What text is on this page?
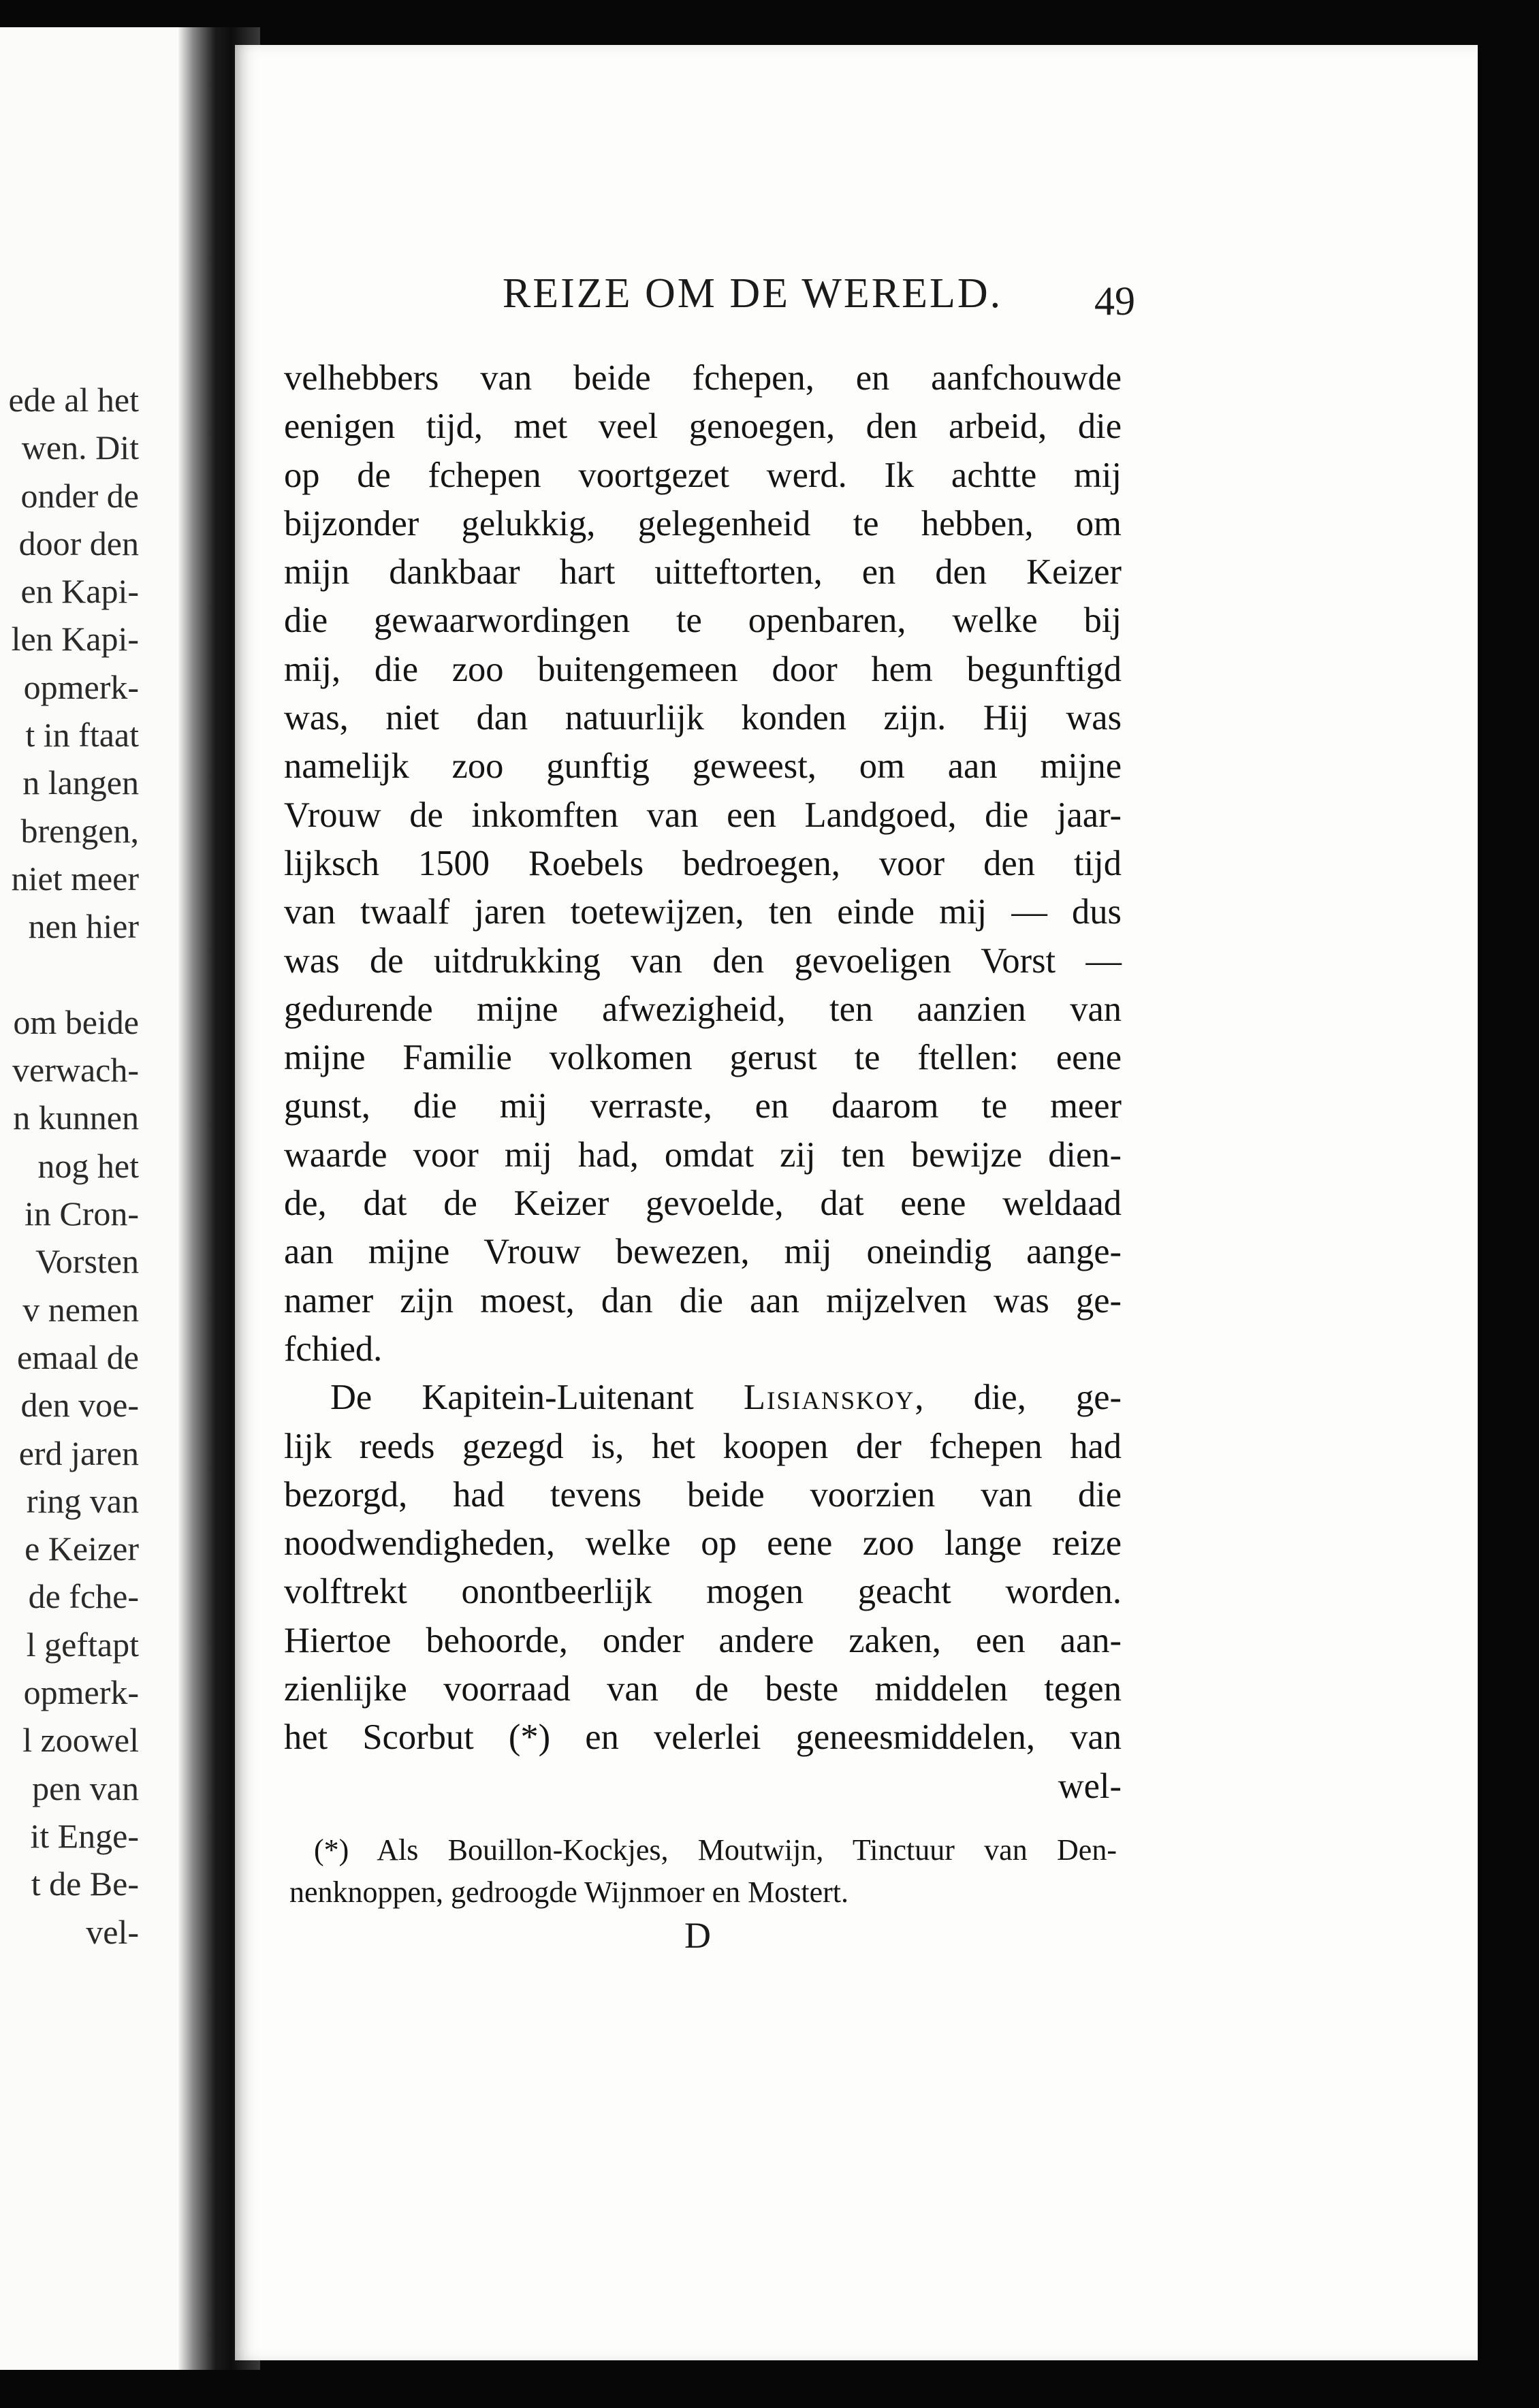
ede al het
wen. Dit
onder de
door den
en Kapi-
len Kapi-
opmerk-
t in ftaat
n langen
brengen,
niet meer
nen hier
om beide
verwach-
n kunnen
nog het
in Cron-
Vorsten
v nemen
emaal de
den voe-
erd jaren
ring van
e Keizer
de fche-
l geftapt
opmerk-
l zoowel
pen van
it Enge-
t de Be-
vel-
REIZE OM DE WERELD.	49
velhebbers van beide fchepen, en aanfchouwde
eenigen tijd, met veel genoegen, den arbeid, die
op de fchepen voortgezet werd. Ik achtte mij
bijzonder gelukkig, gelegenheid te hebben, om
mijn dankbaar hart uitteftorten, en den Keizer
die gewaarwordingen te openbaren, welke bij
mij, die zoo buitengemeen door hem begunftigd
was, niet dan natuurlijk konden zijn. Hij was
namelijk zoo gunftig geweest, om aan mijne
Vrouw de inkomften van een Landgoed, die jaar-
lijksch 1500 Roebels bedroegen, voor den tijd
van twaalf jaren toetewijzen, ten einde mij — dus
was de uitdrukking van den gevoeligen Vorst —
gedurende mijne afwezigheid, ten aanzien van
mijne Familie volkomen gerust te ftellen: eene
gunst, die mij verraste, en daarom te meer
waarde voor mij had, omdat zij ten bewijze dien-
de, dat de Keizer gevoelde, dat eene weldaad
aan mijne Vrouw bewezen, mij oneindig aange-
namer zijn moest, dan die aan mijzelven was ge-
fchied.
De Kapitein-Luitenant Lisianskoy, die, ge-
lijk reeds gezegd is, het koopen der fchepen had
bezorgd, had tevens beide voorzien van die
noodwendigheden, welke op eene zoo lange reize
volftrekt onontbeerlijk mogen geacht worden.
Hiertoe behoorde, onder andere zaken, een aan-
zienlijke voorraad van de beste middelen tegen
het Scorbut (*) en velerlei geneesmiddelen, van
wel-
(*) Als Bouillon-Kockjes, Moutwijn, Tinctuur van Den-
nenknoppen, gedroogde Wijnmoer en Mostert.
D
